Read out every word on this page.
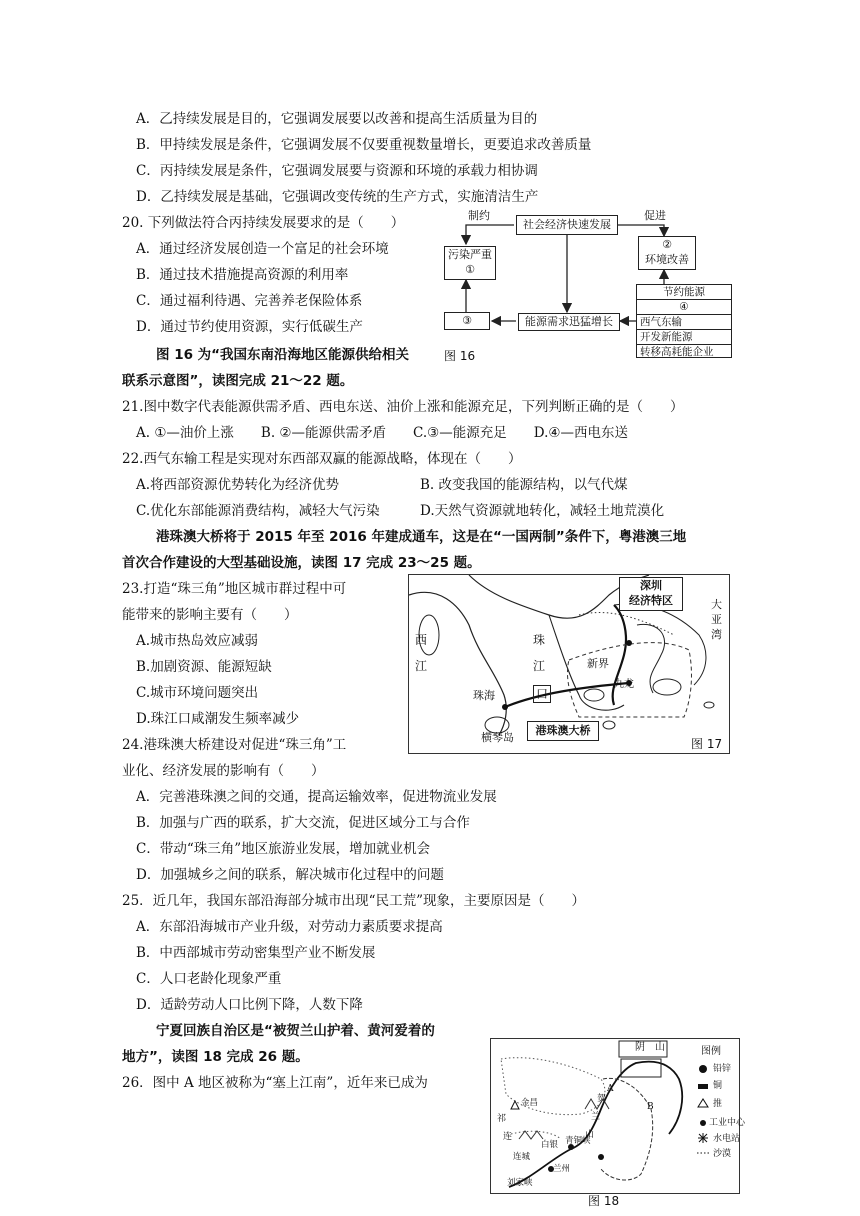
A．乙持续发展是目的，它强调发展要以改善和提高生活质量为目的
B．甲持续发展是条件，它强调发展不仅要重视数量增长，更要追求改善质量
C．丙持续发展是条件，它强调发展要与资源和环境的承载力相协调
D．乙持续发展是基础，它强调改变传统的生产方式，实施清洁生产
20. 下列做法符合丙持续发展要求的是（　　）
A．通过经济发展创造一个富足的社会环境
B．通过技术措施提高资源的利用率
C．通过福利待遇、完善养老保险体系
D．通过节约使用资源，实行低碳生产
制约	促进
社会经济快速发展
污染严重
①
②
环境改善
③	能源需求迅猛增长
节约能源
④
西气东输
开发新能源
转移高耗能企业
图 16
图 16 为“我国东南沿海地区能源供给相关
联系示意图”，读图完成 21～22 题。
21.图中数字代表能源供需矛盾、西电东送、油价上涨和能源充足，下列判断正确的是（　　）
A. ①—油价上涨　　B. ②—能源供需矛盾　　C.③—能源充足　　D.④—西电东送
22.西气东输工程是实现对东西部双赢的能源战略，体现在（　　）
A.将西部资源优势转化为经济优势	B. 改变我国的能源结构，以气代煤
C.优化东部能源消费结构，减轻大气污染	D.天然气资源就地转化，减轻土地荒漠化
港珠澳大桥将于 2015 年至 2016 年建成通车，这是在“一国两制”条件下，粤港澳三地
首次合作建设的大型基础设施，读图 17 完成 23～25 题。
23.打造“珠三角”地区城市群过程中可
能带来的影响主要有（　　）
A.城市热岛效应减弱
B.加剧资源、能源短缺
C.城市环境问题突出
D.珠江口咸潮发生频率减少
深圳
经济特区	大
亚
湾
西
江
珠
江
口
新界
九龙
珠海
横琴岛
港珠澳大桥
图 17
24.港珠澳大桥建设对促进“珠三角”工
业化、经济发展的影响有（　　）
A．完善港珠澳之间的交通，提高运输效率，促进物流业发展
B．加强与广西的联系，扩大交流，促进区域分工与合作
C．带动“珠三角”地区旅游业发展，增加就业机会
D．加强城乡之间的联系，解决城市化过程中的问题
25．近几年，我国东部沿海部分城市出现“民工荒”现象，主要原因是（　　）
A．东部沿海城市产业升级，对劳动力素质要求提高
B．中西部城市劳动密集型产业不断发展
C．人口老龄化现象严重
D．适龄劳动人口比例下降，人数下降
宁夏回族自治区是“被贺兰山护着、黄河爱着的
地方”，读图 18 完成 26 题。
26．图中 A 地区被称为“塞上江南”，近年来已成为
阴　山	图例
铅锌
铜
推
工业中心
水电站
沙漠
贺
兰
山
祁
连
金昌
白银
连城
青铜峡
兰州
刘家峡
A
B
图 18
